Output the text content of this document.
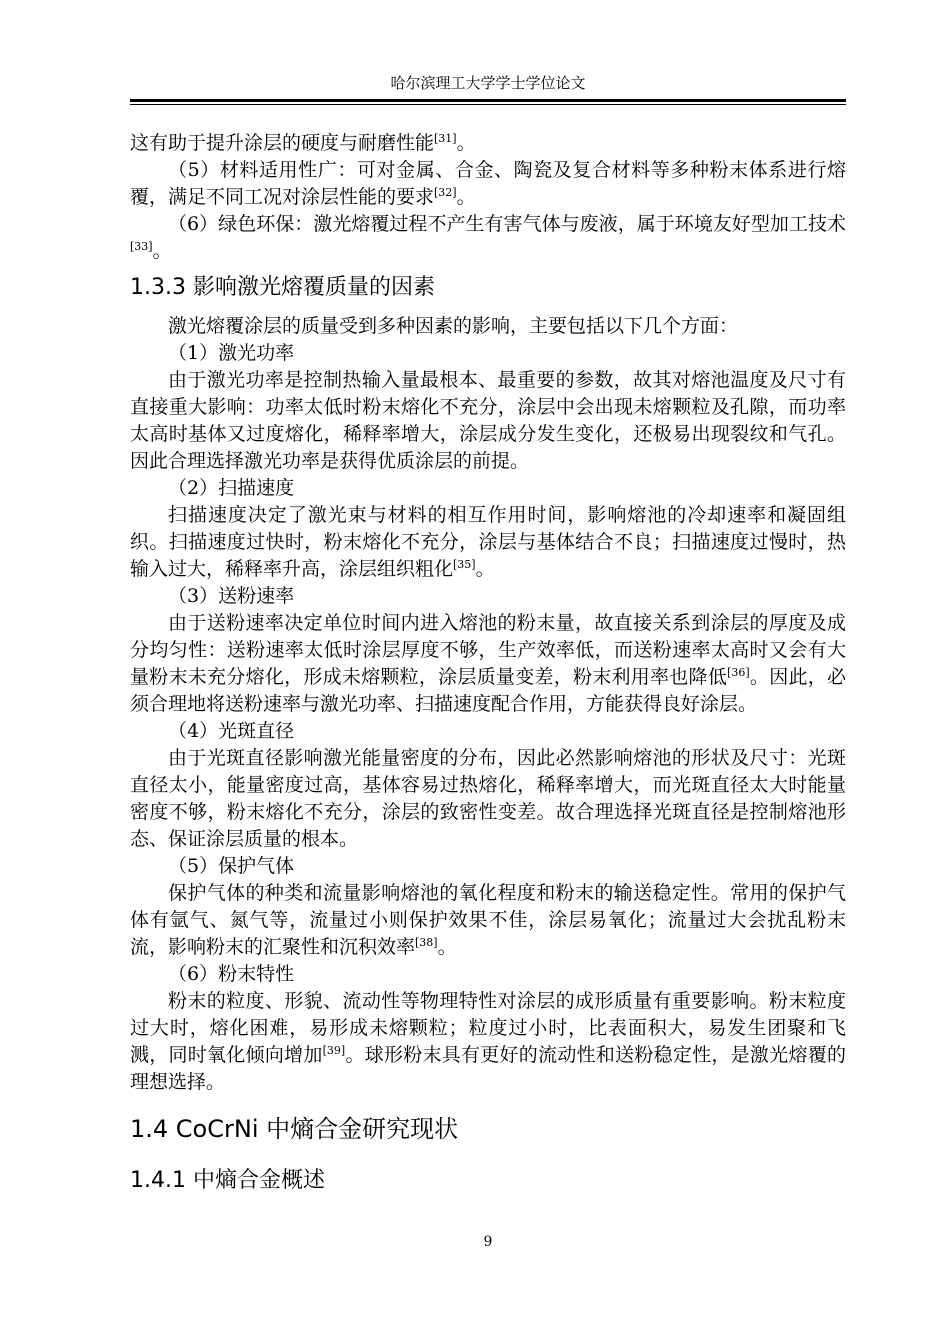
哈尔滨理工大学学士学位论文

这有助于提升涂层的硬度与耐磨性能[31]。

（5）材料适用性广：可对金属、合金、陶瓷及复合材料等多种粉末体系进行熔覆，满足不同工况对涂层性能的要求[32]。

（6）绿色环保：激光熔覆过程不产生有害气体与废液，属于环境友好型加工技术[33]。

1.3.3 影响激光熔覆质量的因素

激光熔覆涂层的质量受到多种因素的影响，主要包括以下几个方面：

（1）激光功率

由于激光功率是控制热输入量最根本、最重要的参数，故其对熔池温度及尺寸有直接重大影响：功率太低时粉末熔化不充分，涂层中会出现未熔颗粒及孔隙，而功率太高时基体又过度熔化，稀释率增大，涂层成分发生变化，还极易出现裂纹和气孔。因此合理选择激光功率是获得优质涂层的前提。

（2）扫描速度

扫描速度决定了激光束与材料的相互作用时间，影响熔池的冷却速率和凝固组织。扫描速度过快时，粉末熔化不充分，涂层与基体结合不良；扫描速度过慢时，热输入过大，稀释率升高，涂层组织粗化[35]。

（3）送粉速率

由于送粉速率决定单位时间内进入熔池的粉末量，故直接关系到涂层的厚度及成分均匀性：送粉速率太低时涂层厚度不够，生产效率低，而送粉速率太高时又会有大量粉末未充分熔化，形成未熔颗粒，涂层质量变差，粉末利用率也降低[36]。因此，必须合理地将送粉速率与激光功率、扫描速度配合作用，方能获得良好涂层。

（4）光斑直径

由于光斑直径影响激光能量密度的分布，因此必然影响熔池的形状及尺寸：光斑直径太小，能量密度过高，基体容易过热熔化，稀释率增大，而光斑直径太大时能量密度不够，粉末熔化不充分，涂层的致密性变差。故合理选择光斑直径是控制熔池形态、保证涂层质量的根本。

（5）保护气体

保护气体的种类和流量影响熔池的氧化程度和粉末的输送稳定性。常用的保护气体有氩气、氮气等，流量过小则保护效果不佳，涂层易氧化；流量过大会扰乱粉末流，影响粉末的汇聚性和沉积效率[38]。

（6）粉末特性

粉末的粒度、形貌、流动性等物理特性对涂层的成形质量有重要影响。粉末粒度过大时，熔化困难，易形成未熔颗粒；粒度过小时，比表面积大，易发生团聚和飞溅，同时氧化倾向增加[39]。球形粉末具有更好的流动性和送粉稳定性，是激光熔覆的理想选择。

1.4 CoCrNi 中熵合金研究现状
1.4.1 中熵合金概述
9
